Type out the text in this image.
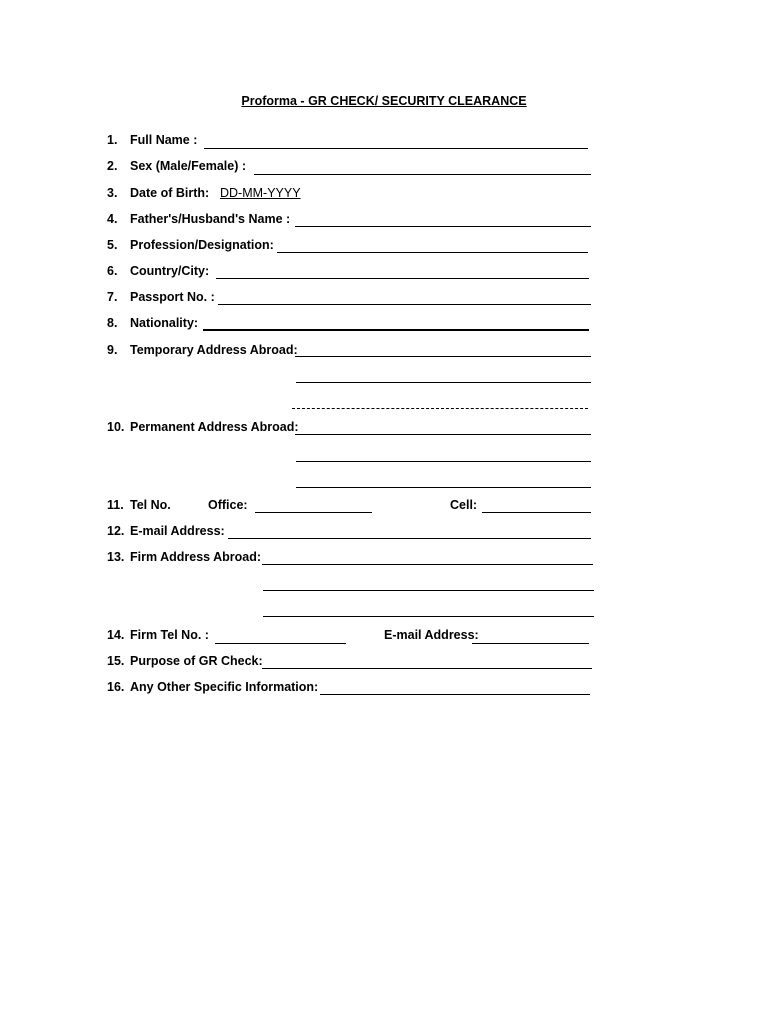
Proforma - GR CHECK/ SECURITY CLEARANCE
1. Full Name :
2. Sex (Male/Female) :
3. Date of Birth: DD-MM-YYYY
4. Father's/Husband's Name :
5. Profession/Designation:
6. Country/City:
7. Passport No. :
8. Nationality:
9. Temporary Address Abroad:
10. Permanent Address Abroad:
11. Tel No.	Office:	Cell:
12. E-mail Address:
13. Firm Address Abroad:
14. Firm Tel No. :	E-mail Address:
15. Purpose of GR Check:
16. Any Other Specific Information:
